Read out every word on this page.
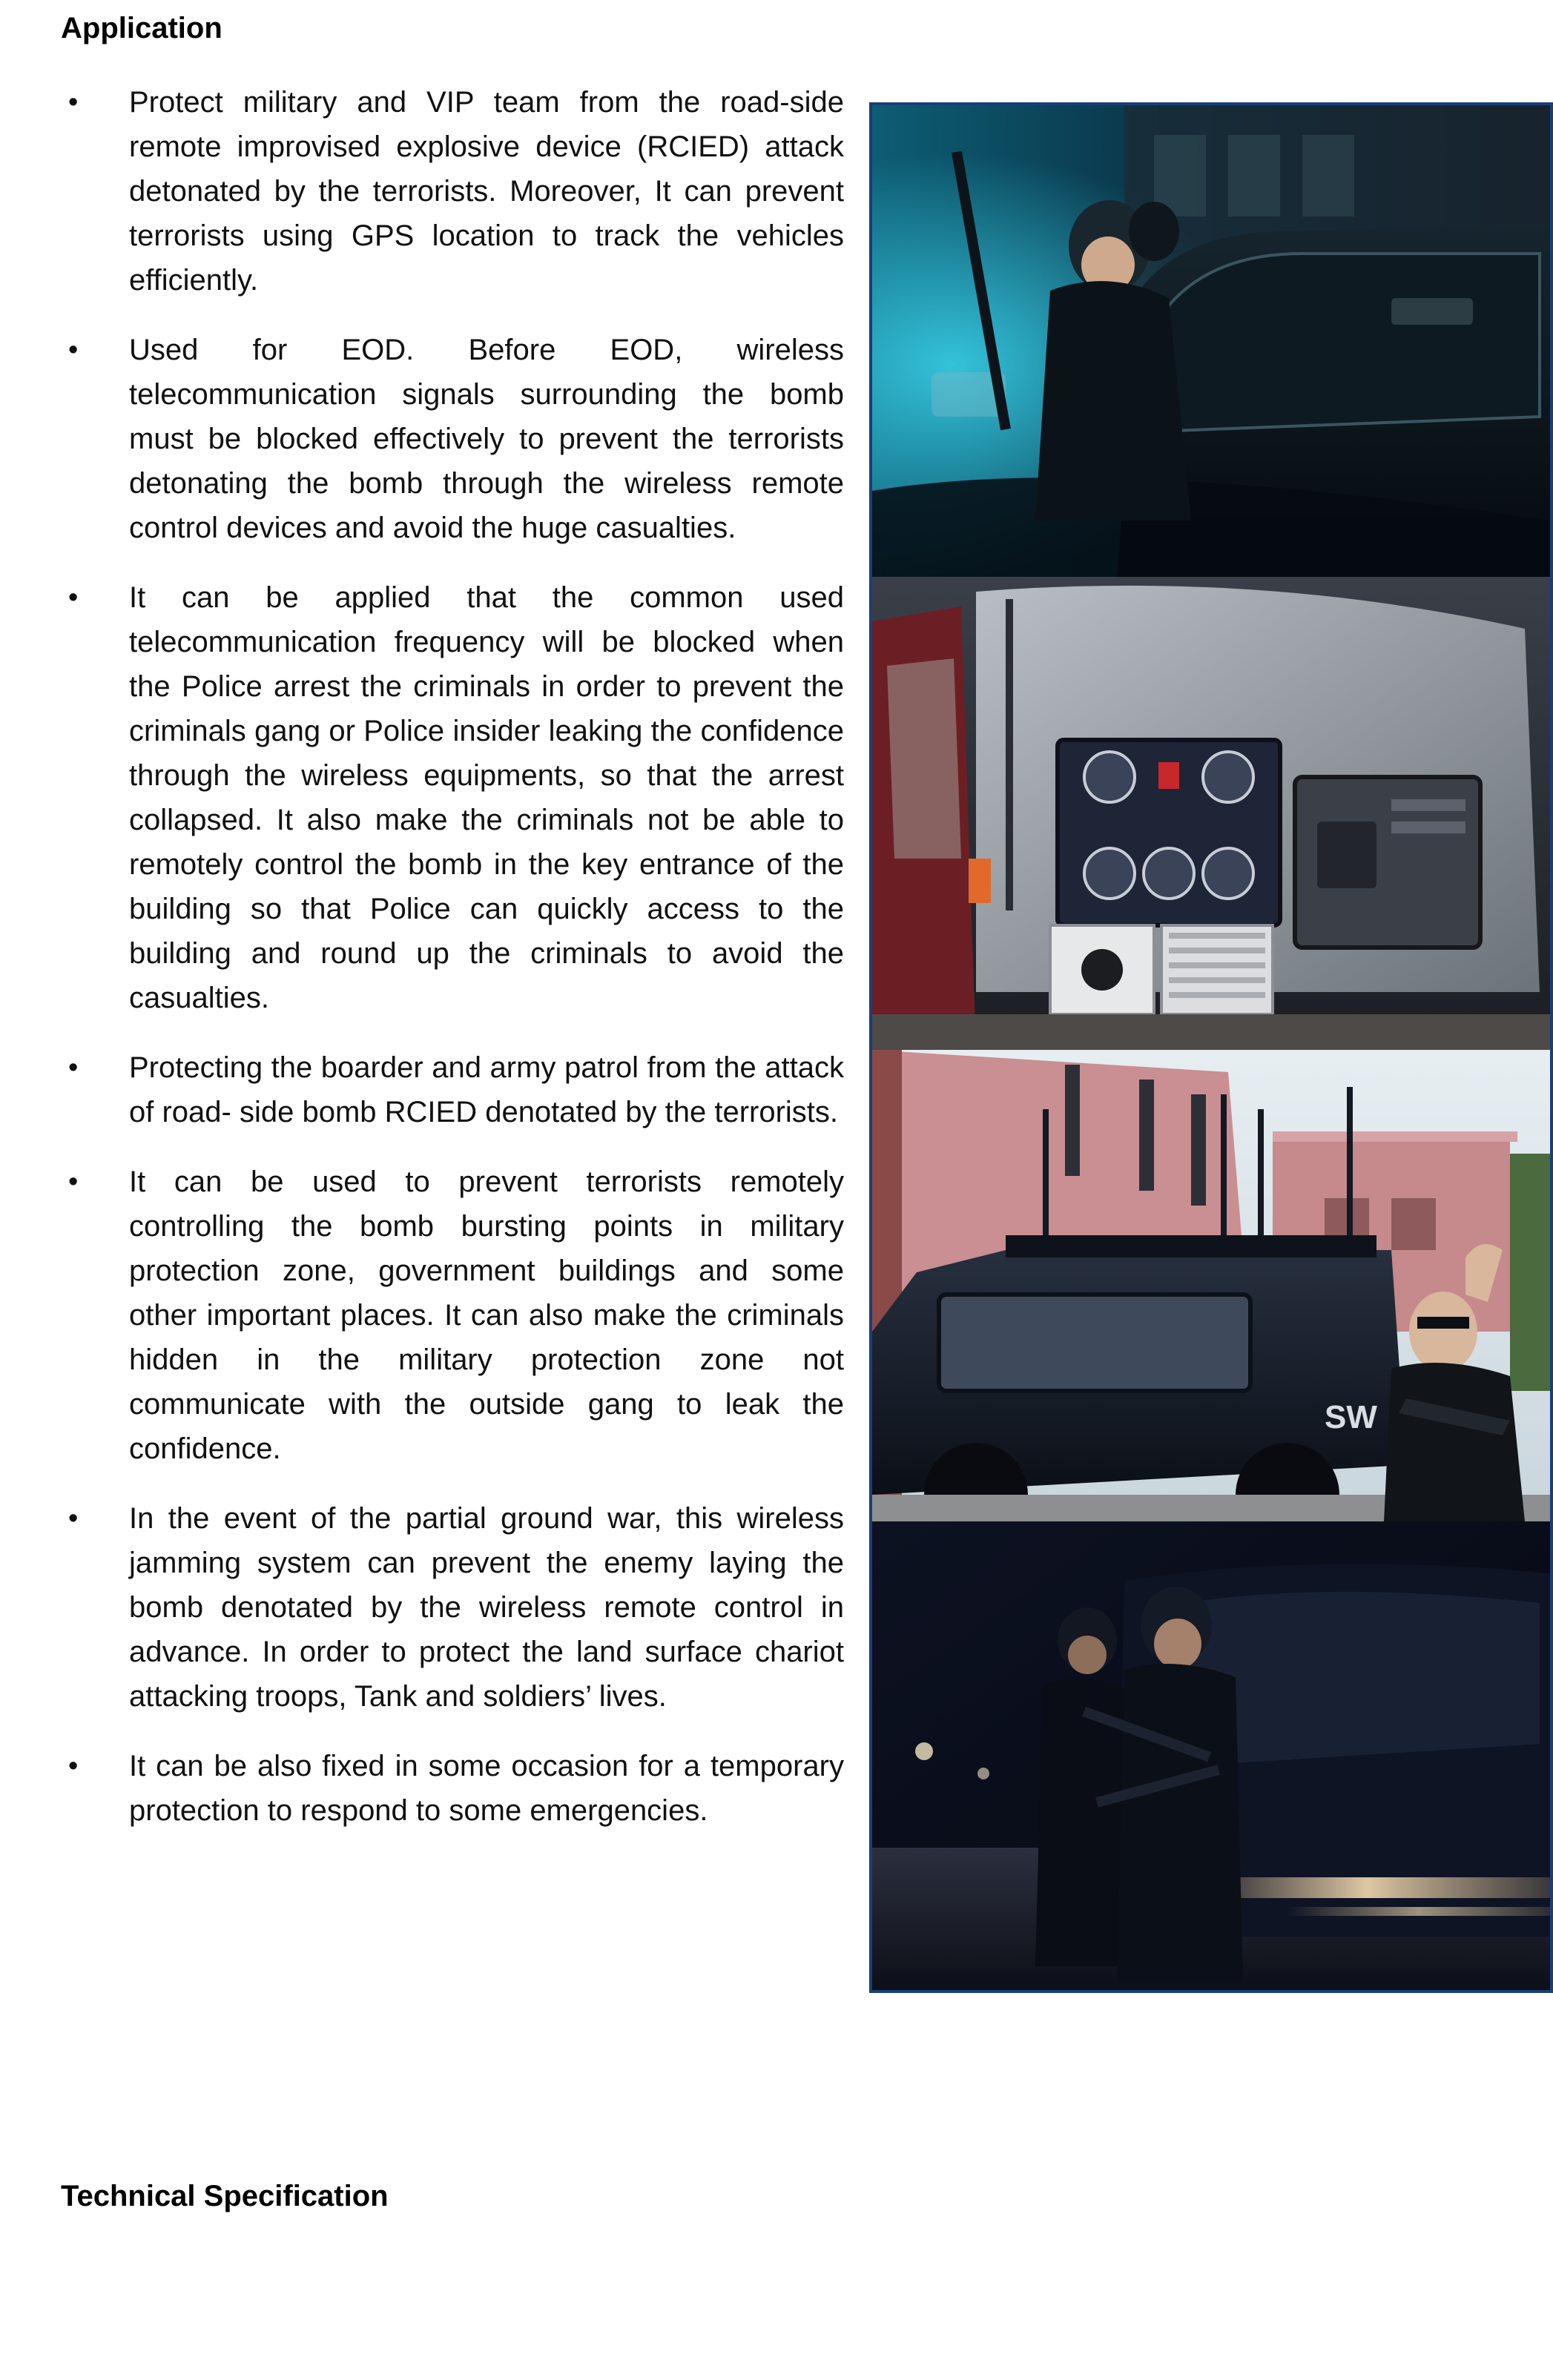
Application
• Protect military and VIP team from the road-side remote improvised explosive device (RCIED) attack detonated by the terrorists. Moreover, It can prevent terrorists using GPS location to track the vehicles efficiently.
• Used for EOD. Before EOD, wireless telecommunication signals surrounding the bomb must be blocked effectively to prevent the terrorists detonating the bomb through the wireless remote control devices and avoid the huge casualties.
• It can be applied that the common used telecommunication frequency will be blocked when the Police arrest the criminals in order to prevent the criminals gang or Police insider leaking the confidence through the wireless equipments, so that the arrest collapsed. It also make the criminals not be able to remotely control the bomb in the key entrance of the building so that Police can quickly access to the building and round up the criminals to avoid the casualties.
• Protecting the boarder and army patrol from the attack of road- side bomb RCIED denotated by the terrorists.
• It can be used to prevent terrorists remotely controlling the bomb bursting points in military protection zone, government buildings and some other important places. It can also make the criminals hidden in the military protection zone not communicate with the outside gang to leak the confidence.
• In the event of the partial ground war, this wireless jamming system can prevent the enemy laying the bomb denotated by the wireless remote control in advance. In order to protect the land surface chariot attacking troops, Tank and soldiers’ lives.
• It can be also fixed in some occasion for a temporary protection to respond to some emergencies.
SW
Technical Specification
